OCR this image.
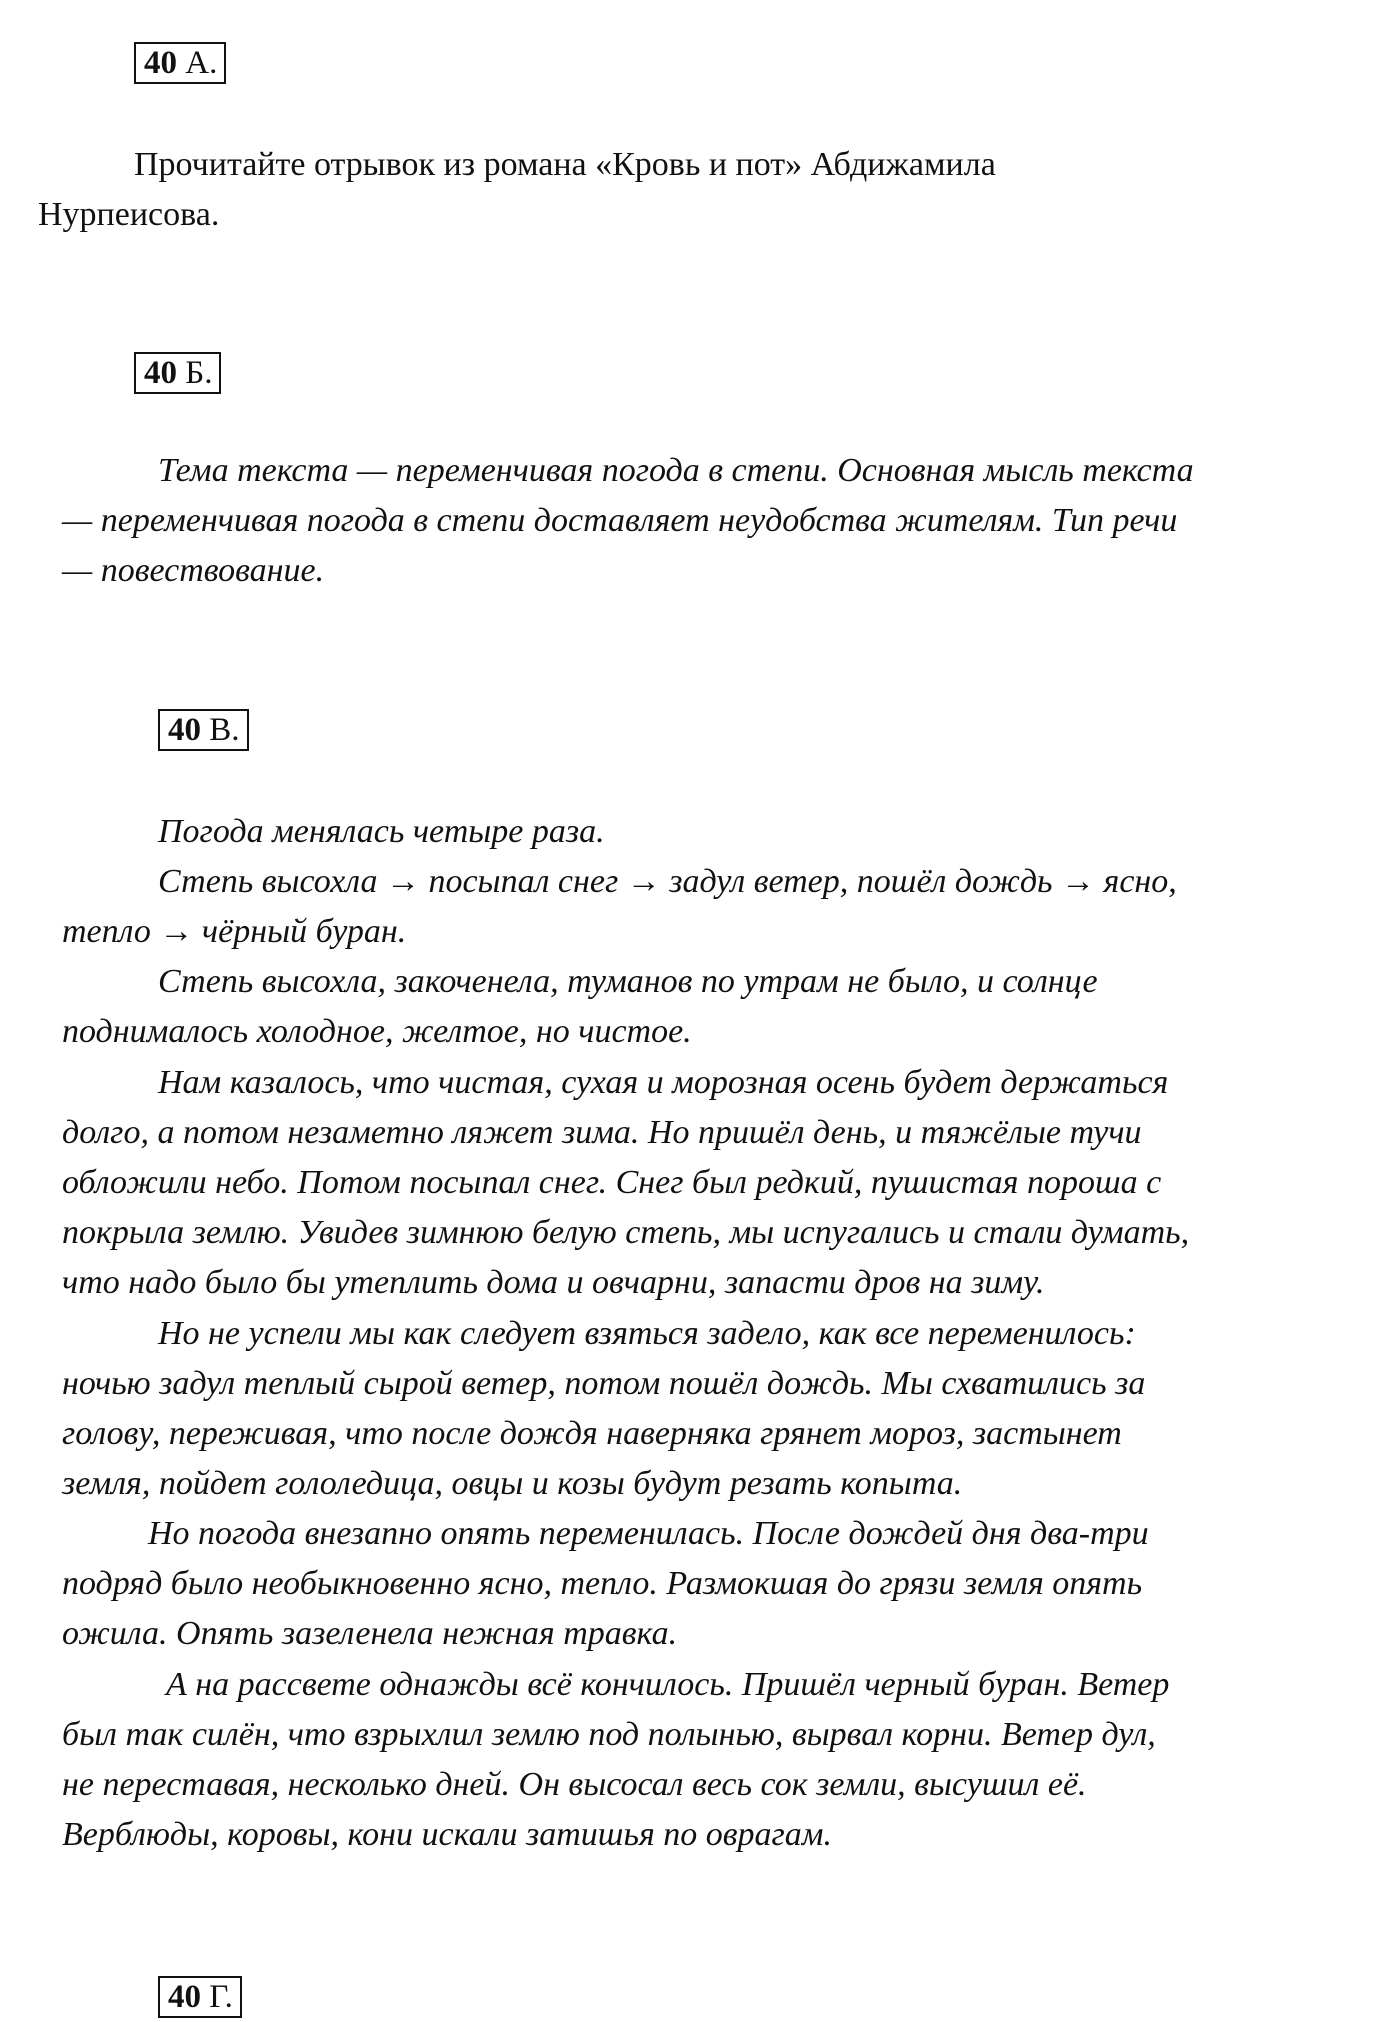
40 А.
Прочитайте отрывок из романа «Кровь и пот» Абдижамила
Нурпеисова.
40 Б.
Тема текста — переменчивая погода в степи. Основная мысль текста
— переменчивая погода в степи доставляет неудобства жителям. Тип речи
— повествование.
40 В.
Погода менялась четыре раза.
Степь высохла → посыпал снег → задул ветер, пошёл дождь → ясно,
тепло → чёрный буран.
Степь высохла, закоченела, туманов по утрам не было, и солнце
поднималось холодное, желтое, но чистое.
Нам казалось, что чистая, сухая и морозная осень будет держаться
долго, а потом незаметно ляжет зима. Но пришёл день, и тяжёлые тучи
обложили небо. Потом посыпал снег. Снег был редкий, пушистая пороша с
покрыла землю. Увидев зимнюю белую степь, мы испугались и стали думать,
что надо было бы утеплить дома и овчарни, запасти дров на зиму.
Но не успели мы как следует взяться задело, как все переменилось:
ночью задул теплый сырой ветер, потом пошёл дождь. Мы схватились за
голову, переживая, что после дождя наверняка грянет мороз, застынет
земля, пойдет гололедица, овцы и козы будут резать копыта.
Но погода внезапно опять переменилась. После дождей дня два-три
подряд было необыкновенно ясно, тепло. Размокшая до грязи земля опять
ожила. Опять зазеленела нежная травка.
А на рассвете однажды всё кончилось. Пришёл черный буран. Ветер
был так силён, что взрыхлил землю под полынью, вырвал корни. Ветер дул,
не переставая, несколько дней. Он высосал весь сок земли, высушил её.
Верблюды, коровы, кони искали затишья по оврагам.
40 Г.
